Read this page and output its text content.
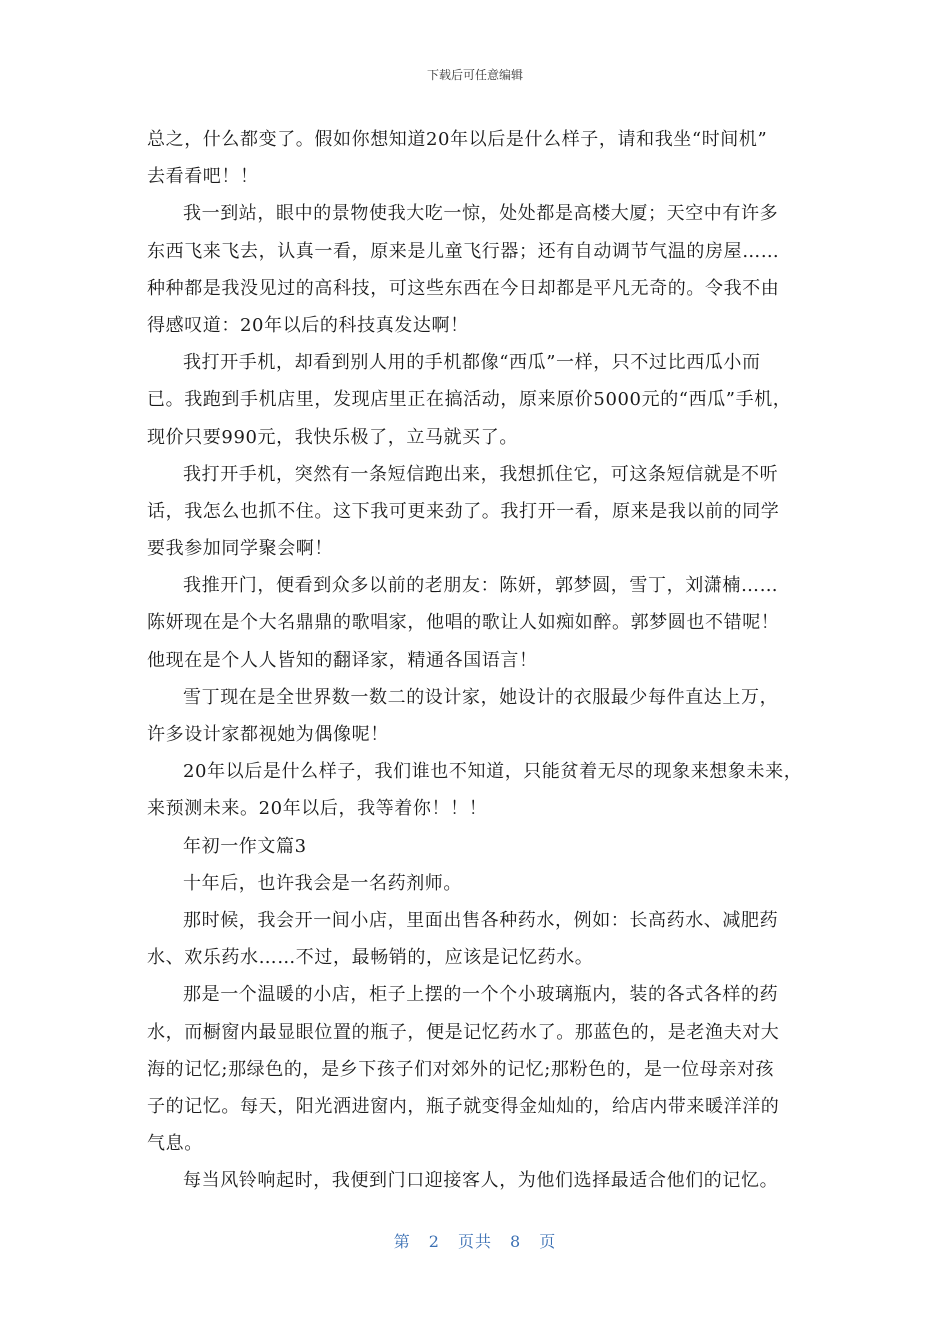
下载后可任意编辑
总之，什么都变了。假如你想知道20年以后是什么样子，请和我坐“时间机”
去看看吧！！
我一到站，眼中的景物使我大吃一惊，处处都是高楼大厦；天空中有许多
东西飞来飞去，认真一看，原来是儿童飞行器；还有自动调节气温的房屋……
种种都是我没见过的高科技，可这些东西在今日却都是平凡无奇的。令我不由
得感叹道：20年以后的科技真发达啊！
我打开手机，却看到别人用的手机都像“西瓜”一样，只不过比西瓜小而
已。我跑到手机店里，发现店里正在搞活动，原来原价5000元的“西瓜”手机，
现价只要990元，我快乐极了，立马就买了。
我打开手机，突然有一条短信跑出来，我想抓住它，可这条短信就是不听
话，我怎么也抓不住。这下我可更来劲了。我打开一看，原来是我以前的同学
要我参加同学聚会啊！
我推开门，便看到众多以前的老朋友：陈妍，郭梦圆，雪丁，刘潇楠……
陈妍现在是个大名鼎鼎的歌唱家，他唱的歌让人如痴如醉。郭梦圆也不错呢！
他现在是个人人皆知的翻译家，精通各国语言！
雪丁现在是全世界数一数二的设计家，她设计的衣服最少每件直达上万，
许多设计家都视她为偶像呢！
20年以后是什么样子，我们谁也不知道，只能贫着无尽的现象来想象未来，
来预测未来。20年以后，我等着你！！！
年初一作文篇3
十年后，也许我会是一名药剂师。
那时候，我会开一间小店，里面出售各种药水，例如：长高药水、减肥药
水、欢乐药水……不过，最畅销的，应该是记忆药水。
那是一个温暖的小店，柜子上摆的一个个小玻璃瓶内，装的各式各样的药
水，而橱窗内最显眼位置的瓶子，便是记忆药水了。那蓝色的，是老渔夫对大
海的记忆;那绿色的，是乡下孩子们对郊外的记忆;那粉色的，是一位母亲对孩
子的记忆。每天，阳光洒进窗内，瓶子就变得金灿灿的，给店内带来暖洋洋的
气息。
每当风铃响起时，我便到门口迎接客人，为他们选择最适合他们的记忆。
第 2 页共 8 页
